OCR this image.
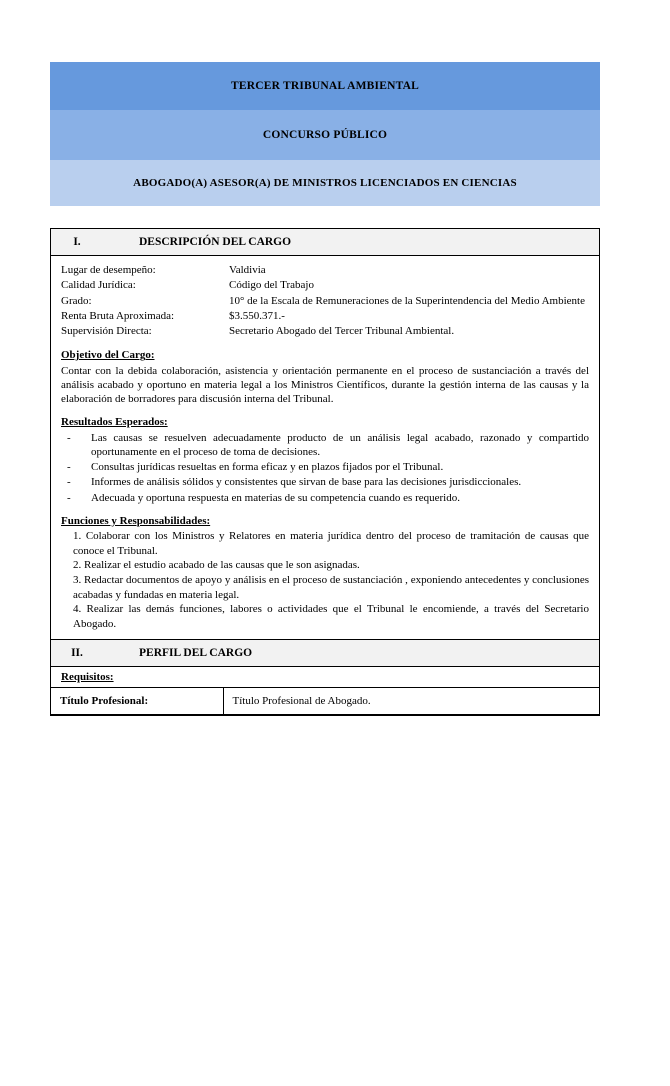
TERCER TRIBUNAL AMBIENTAL
CONCURSO PÚBLICO
ABOGADO(A) ASESOR(A) DE MINISTROS LICENCIADOS EN CIENCIAS
I.	DESCRIPCIÓN DEL CARGO
Lugar de desempeño:	Valdivia
Calidad Jurídica:	Código del Trabajo
Grado:	10° de la Escala de Remuneraciones de la Superintendencia del Medio Ambiente
Renta Bruta Aproximada:	$3.550.371.-
Supervisión Directa:	Secretario Abogado del Tercer Tribunal Ambiental.
Objetivo del Cargo:
Contar con la debida colaboración, asistencia y orientación permanente en el proceso de sustanciación a través del análisis acabado y oportuno en materia legal a los Ministros Científicos, durante la gestión interna de las causas y la elaboración de borradores para discusión interna del Tribunal.
Resultados Esperados:
- Las causas se resuelven adecuadamente producto de un análisis legal acabado, razonado y compartido oportunamente en el proceso de toma de decisiones.
- Consultas jurídicas resueltas en forma eficaz y en plazos fijados por el Tribunal.
- Informes de análisis sólidos y consistentes que sirvan de base para las decisiones jurisdiccionales.
- Adecuada y oportuna respuesta en materias de su competencia cuando es requerido.
Funciones y Responsabilidades:
1. Colaborar con los Ministros y Relatores en materia jurídica dentro del proceso de tramitación de causas que conoce el Tribunal.
2. Realizar el estudio acabado de las causas que le son asignadas.
3. Redactar documentos de apoyo y análisis en el proceso de sustanciación , exponiendo antecedentes y conclusiones acabadas y fundadas en materia legal.
4. Realizar las demás funciones, labores o actividades que el Tribunal le encomiende, a través del Secretario Abogado.
II.	PERFIL DEL CARGO
Requisitos:
Título Profesional:	Título Profesional de Abogado.
